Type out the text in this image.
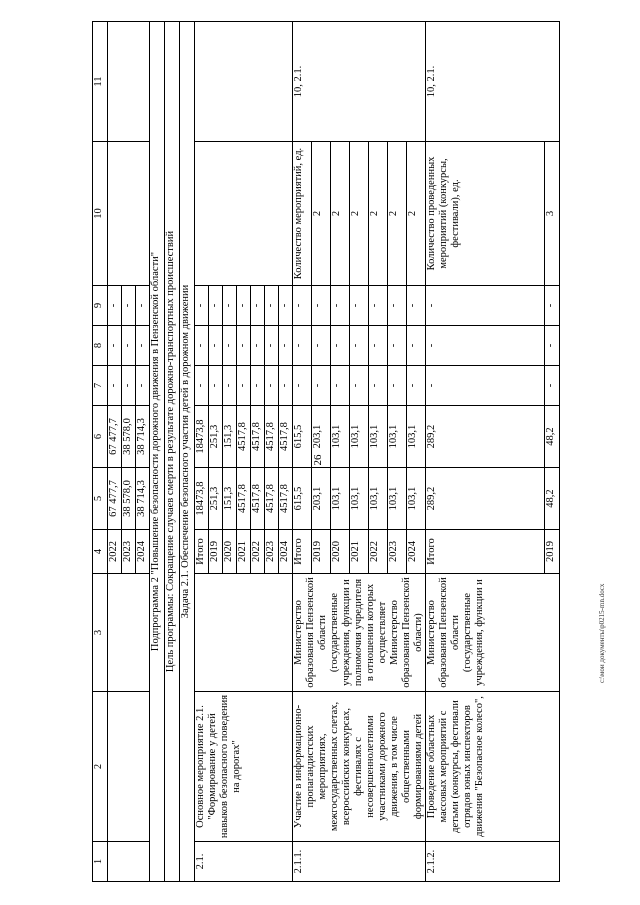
26
c:\мои документы\p0215-mn.docx
1	2	3	4	5	6	7	8	9	10	11
			2022	67 477,7	67 477,7	-	-	-		
			2023	38 578,0	38 578,0	-	-	-		
			2024	38 714,3	38 714,3	-	-	-		
Подпрограмма 2 "Повышение безопасности дорожного движения в Пензенской области"										
Цель программы: Сокращение случаев смерти в результате дорожно-транспортных происшествий										
Задача 2.1. Обеспечение безопасного участия детей в дорожном движении										
2.1.	Основное мероприятие 2.1. "Формирование у детей навыков безопасного поведения на дорогах"		Итого	18473,8	18473,8	-	-	-		
			2019	251,3	251,3	-	-	-		
			2020	151,3	151,3	-	-	-		
			2021	4517,8	4517,8	-	-	-		
			2022	4517,8	4517,8	-	-	-		
			2023	4517,8	4517,8	-	-	-		
			2024	4517,8	4517,8	-	-	-		
2.1.1.	Участие в информационно-пропагандистских мероприятиях, межгосударственных слетах, всероссийских конкурсах, фестивалях с несовершеннолетними участниками дорожного движения, в том числе общественными формированиями детей	Министерство образования Пензенской области (государственные учреждения, функции и полномочия учредителя в отношении которых осуществляет Министерство образования Пензенской области)	Итого	615,5	615,5	-	-	-	Количество мероприятий, ед.	10, 2.1.
			2019	203,1	203,1	-	-	-	2	
			2020	103,1	103,1	-	-	-	2	
			2021	103,1	103,1	-	-	-	2	
			2022	103,1	103,1	-	-	-	2	
			2023	103,1	103,1	-	-	-	2	
			2024	103,1	103,1	-	-	-	2	
2.1.2.	Проведение областных массовых мероприятий с детьми (конкурсы, фестивали отрядов юных инспекторов движения "Безопасное колесо",	Министерство образования Пензенской области (государственные учреждения, функции и	Итого	289,2	289,2	-	-	-	Количество проведенных мероприятий (конкурсы, фестивали), ед.	10, 2.1.
			2019	48,2	48,2	-	-	-	3	
